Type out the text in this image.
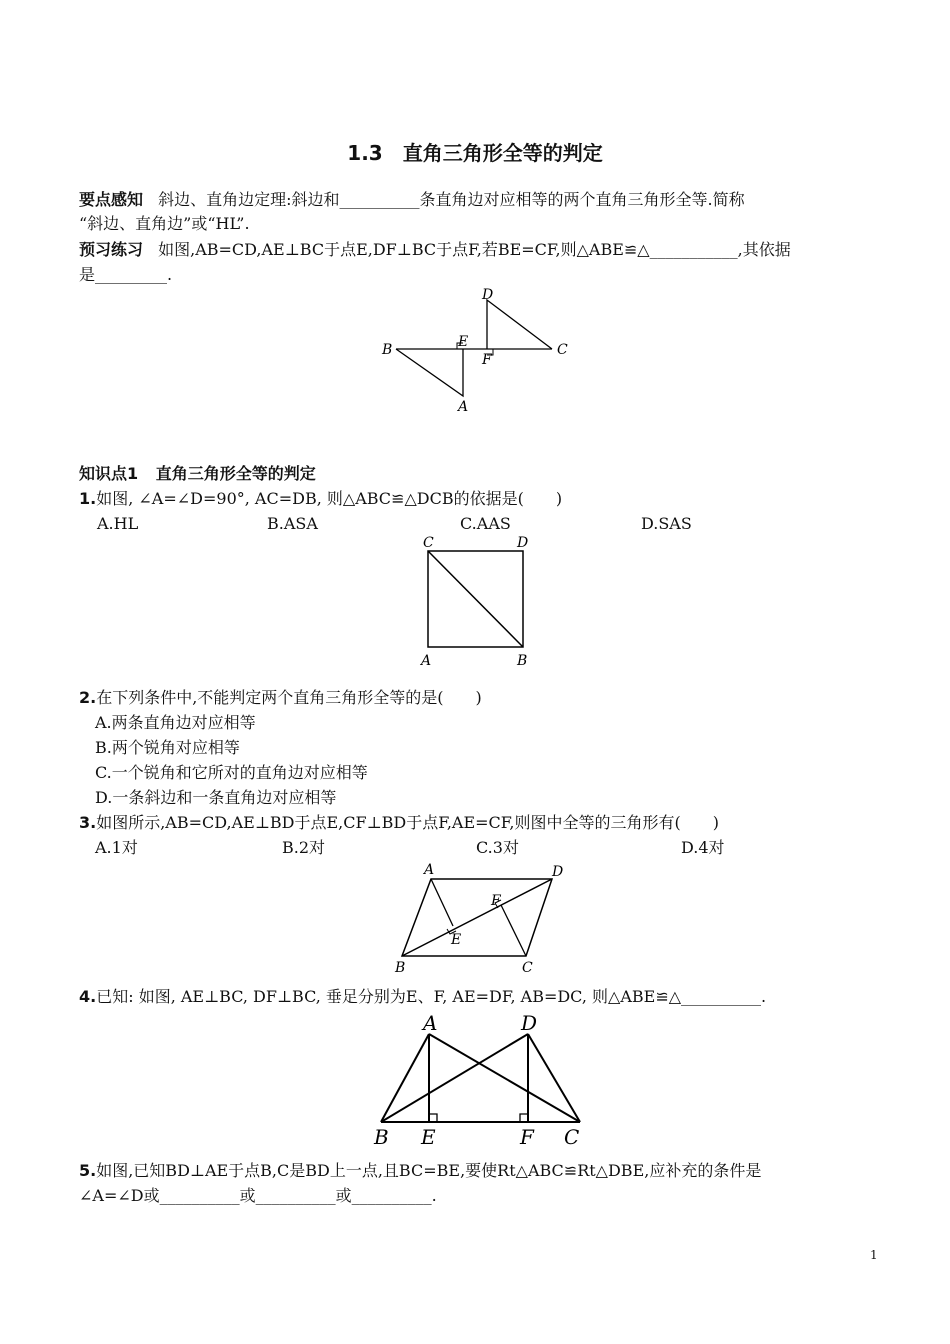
1.3　直角三角形全等的判定
要点感知 斜边、直角边定理:斜边和__________条直角边对应相等的两个直角三角形全等.简称
“斜边、直角边”或“HL”.
预习练习 如图,AB=CD,AE⊥BC于点E,DF⊥BC于点F,若BE=CF,则△ABE≌△___________,其依据
是_________.
D
B	E
F
C
A
知识点1 直角三角形全等的判定
1.如图, ∠A=∠D=90°, AC=DB, 则△ABC≌△DCB的依据是(　　)
A.HL	B.ASA	C.AAS	D.SAS
C	D
A	B
2.在下列条件中,不能判定两个直角三角形全等的是(　　)
A.两条直角边对应相等
B.两个锐角对应相等
C.一个锐角和它所对的直角边对应相等
D.一条斜边和一条直角边对应相等
3.如图所示,AB=CD,AE⊥BD于点E,CF⊥BD于点F,AE=CF,则图中全等的三角形有(　　)
A.1对	B.2对	C.3对	D.4对
A	D
F
E
B	C
4.已知: 如图, AE⊥BC, DF⊥BC, 垂足分别为E、F, AE=DF, AB=DC, 则△ABE≌△__________.
A	D
B E	F C
5.如图,已知BD⊥AE于点B,C是BD上一点,且BC=BE,要使Rt△ABC≌Rt△DBE,应补充的条件是
∠A=∠D或__________或__________或__________.
1
